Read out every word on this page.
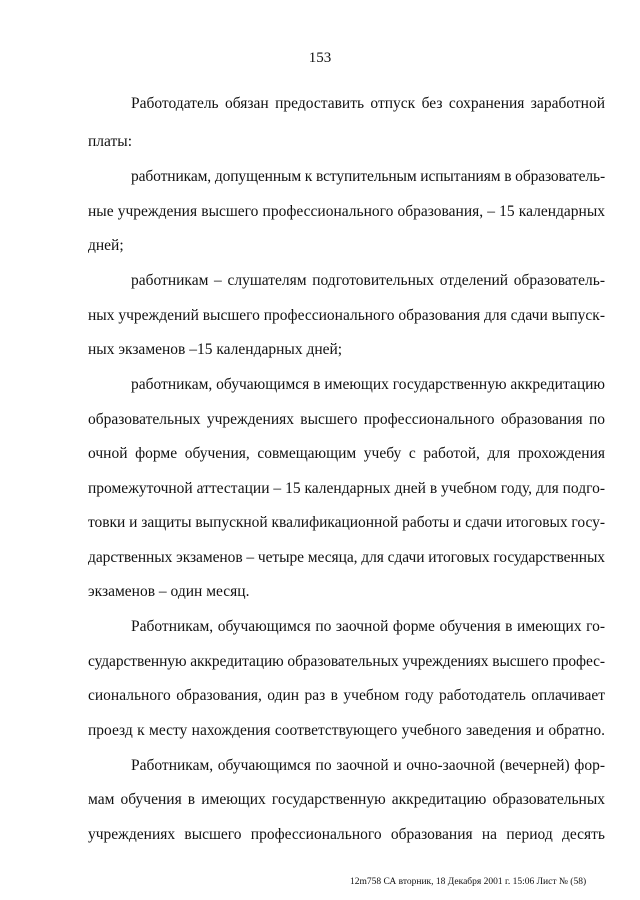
153
Работодатель обязан предоставить отпуск без сохранения заработной
платы:
работникам, допущенным к вступительным испытаниям в образователь-
ные учреждения высшего профессионального образования, – 15 календарных
дней;
работникам – слушателям подготовительных отделений образователь-
ных учреждений высшего профессионального образования для сдачи выпуск-
ных экзаменов –15 календарных дней;
работникам, обучающимся в имеющих государственную аккредитацию
образовательных учреждениях высшего профессионального образования по
очной форме обучения, совмещающим учебу с работой, для прохождения
промежуточной аттестации – 15 календарных дней в учебном году, для подго-
товки и защиты выпускной квалификационной работы и сдачи итоговых госу-
дарственных экзаменов – четыре месяца, для сдачи итоговых государственных
экзаменов – один месяц.
Работникам, обучающимся по заочной форме обучения в имеющих го-
сударственную аккредитацию образовательных учреждениях высшего профес-
сионального образования, один раз в учебном году работодатель оплачивает
проезд к месту нахождения соответствующего учебного заведения и обратно.
Работникам, обучающимся по заочной и очно-заочной (вечерней) фор-
мам обучения в имеющих государственную аккредитацию образовательных
учреждениях высшего профессионального образования на период десять
12m758 СА вторник, 18 Декабря 2001 г. 15:06 Лист № (58)
